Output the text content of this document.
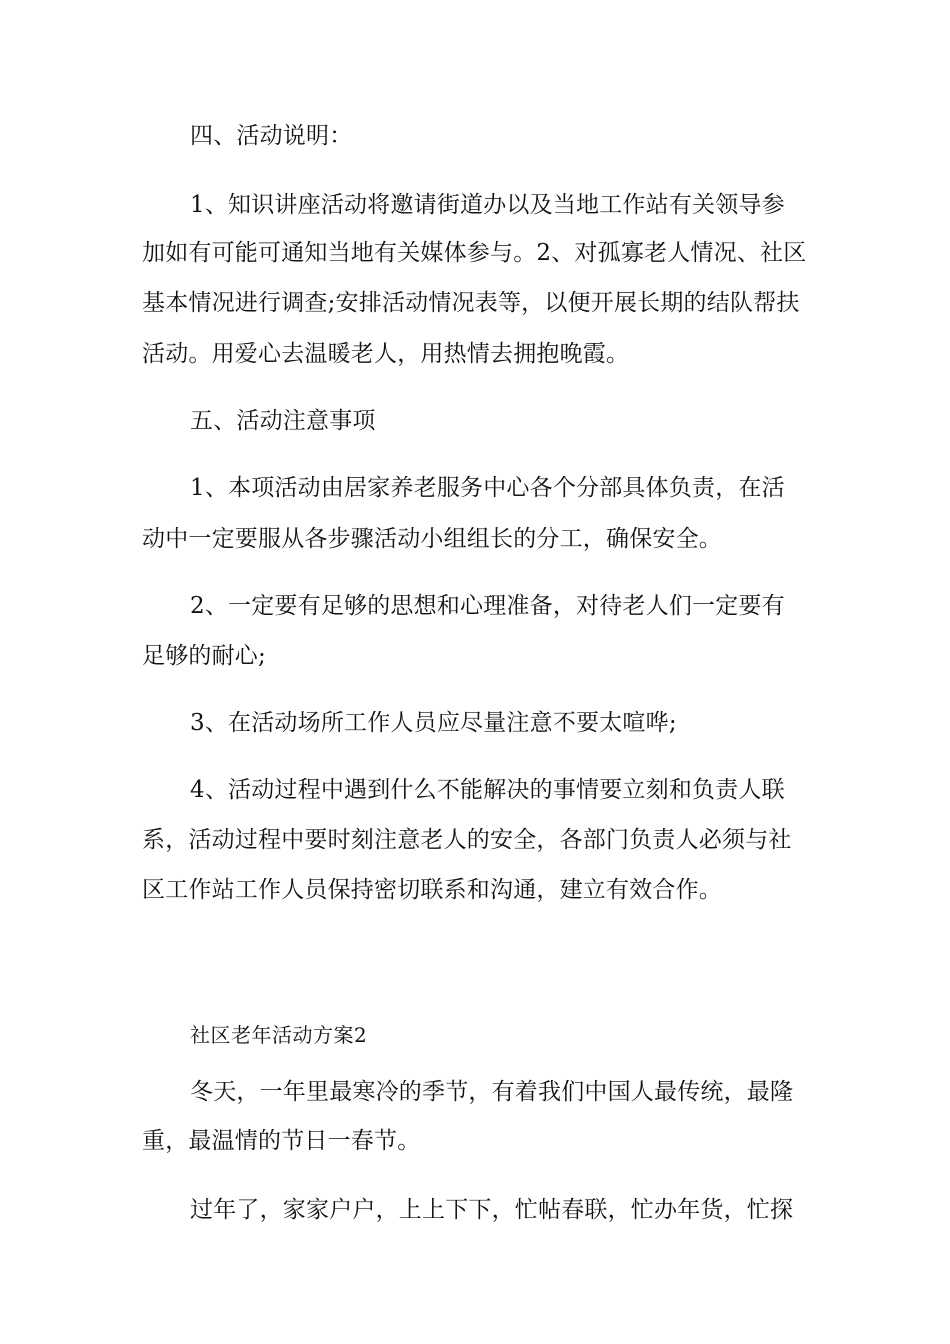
四、活动说明：
1、知识讲座活动将邀请街道办以及当地工作站有关领导参
加如有可能可通知当地有关媒体参与。2、对孤寡老人情况、社区
基本情况进行调查;安排活动情况表等，以便开展长期的结队帮扶
活动。用爱心去温暖老人，用热情去拥抱晚霞。
五、活动注意事项
1、本项活动由居家养老服务中心各个分部具体负责，在活
动中一定要服从各步骤活动小组组长的分工，确保安全。
2、一定要有足够的思想和心理准备，对待老人们一定要有
足够的耐心;
3、在活动场所工作人员应尽量注意不要太喧哗;
4、活动过程中遇到什么不能解决的事情要立刻和负责人联
系，活动过程中要时刻注意老人的安全，各部门负责人必须与社
区工作站工作人员保持密切联系和沟通，建立有效合作。
社区老年活动方案2
冬天，一年里最寒冷的季节，有着我们中国人最传统，最隆
重，最温情的节日一春节。
过年了，家家户户，上上下下，忙帖春联，忙办年货，忙探
